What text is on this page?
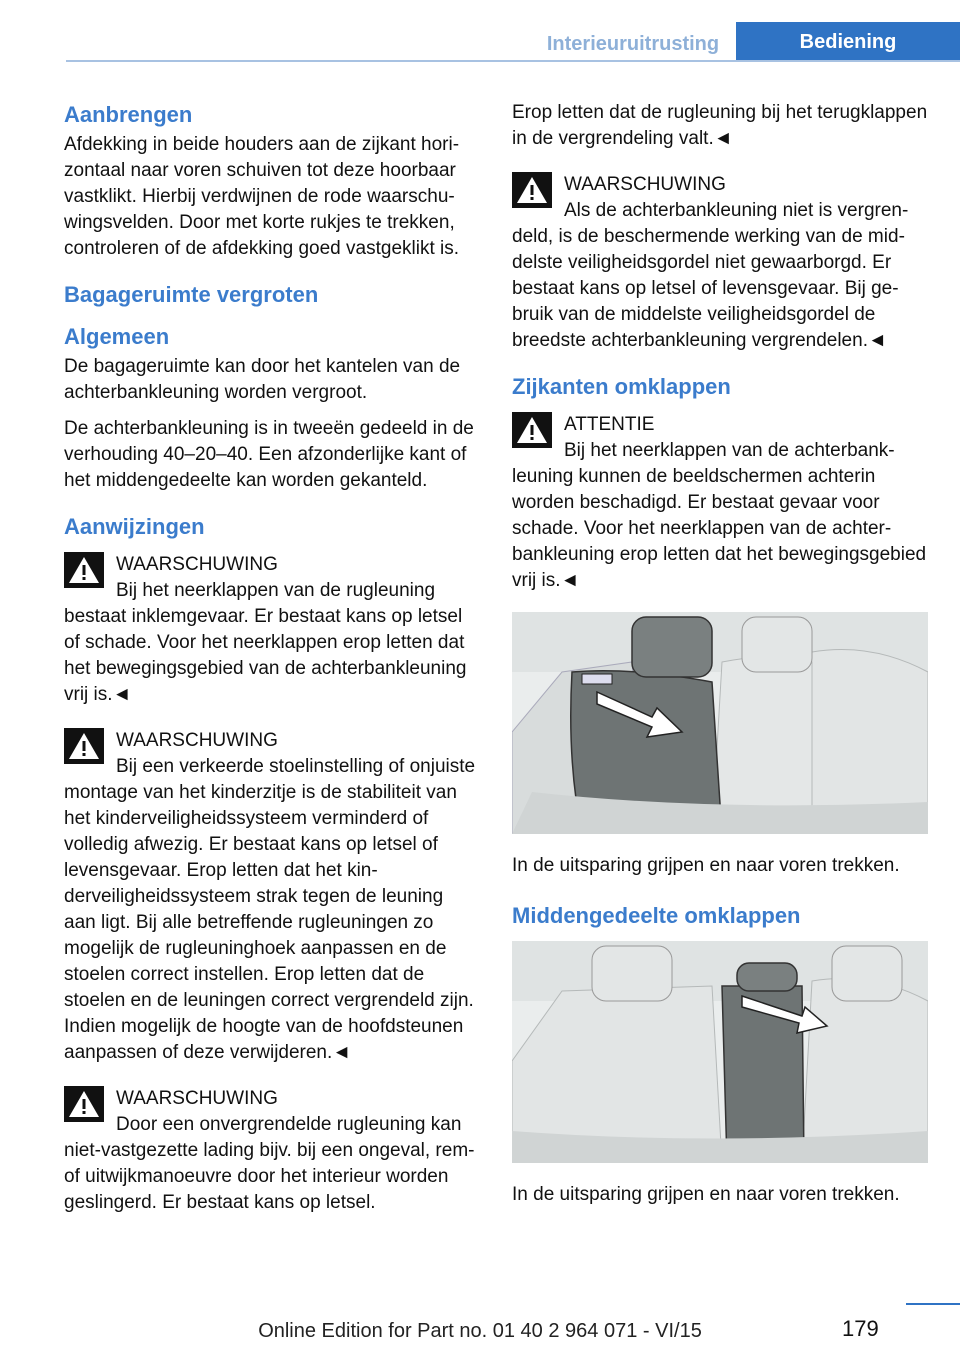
Interieuruitrusting	Bediening
Aanbrengen

Afdekking in beide houders aan de zijkant horizontaal naar voren schuiven tot deze hoorbaar vastklikt. Hierbij verdwijnen de rode waarschuwingsvelden. Door met korte rukjes te trekken, controleren of de afdekking goed vastgeklikt is.

Bagageruimte vergroten
Algemeen

De bagageruimte kan door het kantelen van de achterbankleuning worden vergroot.

De achterbankleuning is in tweeën gedeeld in de verhouding 40–20–40. Een afzonderlijke kant of het middengedeelte kan worden gekanteld.

Aanwijzingen
WAARSCHUWING

Bij het neerklappen van de rugleuning bestaat inklemgevaar. Er bestaat kans op letsel of schade. Voor het neerklappen erop letten dat het bewegingsgebied van de achterbankleuning vrij is.◄

WAARSCHUWING

Bij een verkeerde stoelinstelling of onjuiste montage van het kinderzitje is de stabiliteit van het kinderveiligheidssysteem verminderd of volledig afwezig. Er bestaat kans op letsel of levensgevaar. Erop letten dat het kinderveiligheidssysteem strak tegen de leuning aan ligt. Bij alle betreffende rugleuningen zo mogelijk de rugleuninghoek aanpassen en de stoelen correct instellen. Erop letten dat de stoelen en de leuningen correct vergrendeld zijn. Indien mogelijk de hoogte van de hoofdsteunen aanpassen of deze verwijderen.◄

WAARSCHUWING

Door een onvergrendelde rugleuning kan niet-vastgezette lading bijv. bij een ongeval, rem- of uitwijkmanoeuvre door het interieur worden geslingerd. Er bestaat kans op letsel.

Erop letten dat de rugleuning bij het terugklappen in de vergrendeling valt.◄

WAARSCHUWING

Als de achterbankleuning niet is vergrendeld, is de beschermende werking van de middelste veiligheidsgordel niet gewaarborgd. Er bestaat kans op letsel of levensgevaar. Bij gebruik van de middelste veiligheidsgordel de breedste achterbankleuning vergrendelen.◄

Zijkanten omklappen
ATTENTIE

Bij het neerklappen van de achterbankleuning kunnen de beeldschermen achterin worden beschadigd. Er bestaat gevaar voor schade. Voor het neerklappen van de achterbankleuning erop letten dat het bewegingsgebied vrij is.◄

In de uitsparing grijpen en naar voren trekken.

Middengedeelte omklappen

In de uitsparing grijpen en naar voren trekken.

179
Online Edition for Part no. 01 40 2 964 071 - VI/15
